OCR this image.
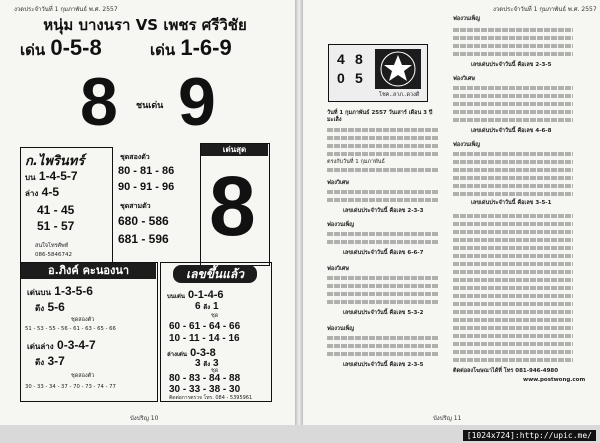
งวดประจำวันที่ 1 กุมภาพันธ์ พ.ศ. 2557
หนุ่ม บางนรา VS เพชร ศรีวิชัย
เด่น 0-5-8	เด่น 1-6-9
8 ชนเด่น 9
ก.ไพรินทร์
บน 1-4-5-7
ล่าง 4-5
41 - 45
51 - 57
สนใจโทรศัพท์
086-5846742
ชุดสองตัว
80 - 81 - 86
90 - 91 - 96
ชุดสามตัว
680 - 586
681 - 596
เด่นสุด
8
อ.ภิงค์ คะนองนา
เด่นบน 1-3-5-6
ตีง 5-6
ชุดสองตัว
51 - 53 - 55 - 56 - 61 - 63 - 65 - 66
เด่นล่าง 0-3-4-7
ตีง 3-7
ชุดสองตัว
30 - 33 - 34 - 37 - 70 - 73 - 74 - 77
เลขขึ้นแล้ว
บนเด่น 0-1-4-6
6 ตีง 1
ชุด
60 - 61 - 64 - 66
10 - 11 - 14 - 16
ล่างเด่น 0-3-8
3 ตีง 3
ชุด
80 - 83 - 84 - 88
30 - 33 - 38 - 30
ติดต่อการตรวจ โทร. 084 - 5395961
บังปริญ 10
งวดประจำวันที่ 1 กุมภาพันธ์ พ.ศ. 2557
4 8
0 5
โชค..ลาภ..ดวงดี
วันที่ 1 กุมภาพันธ์ 2557 วันเสาร์ เดือน 3 ปีมะเส็ง
ตรงกับวันที่ 1 กุมภาพันธ์
ฟองวิเศษ
เลขเด่นประจำวันนี้ คือเลข 2-3-3
ฟองวนเพ็ญ
เลขเด่นประจำวันนี้ คือเลข 6-6-7
ฟองวิเศษ
เลขเด่นประจำวันนี้ คือเลข 5-3-2
ฟองวนเพ็ญ
เลขเด่นประจำวันนี้ คือเลข 2-3-5
ฟองวนเพ็ญ
เลขเด่นประจำวันนี้ คือเลข 2-3-5
ฟองวิเศษ
เลขเด่นประจำวันนี้ คือเลข 4-6-8
ฟองวนเพ็ญ
เลขเด่นประจำวันนี้ คือเลข 3-5-1
ติดต่อลงโฆษณาได้ที่ โทร 081-946-4980
www.postwong.com
บังปริญ 11
[1024x724]:http://upic.me/
